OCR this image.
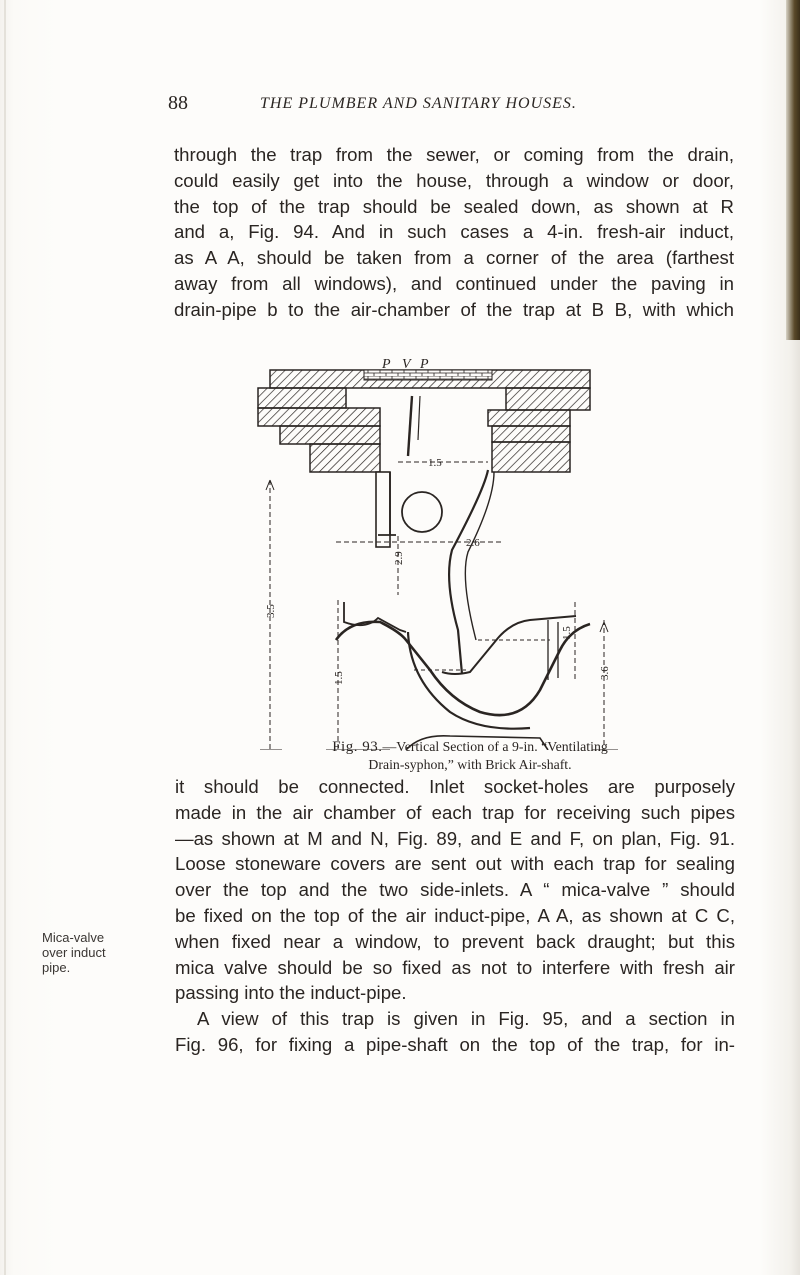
88	THE PLUMBER AND SANITARY HOUSES.

through the trap from the sewer, or coming from the drain,
could easily get into the house, through a window or door,
the top of the trap should be sealed down, as shown at R
and a, Fig. 94. And in such cases a 4-in. fresh-air induct,
as A A, should be taken from a corner of the area (farthest
away from all windows), and continued under the paving in
drain-pipe b to the air-chamber of the trap at B B, with which

P V P
1.5
2.6
3.5
1.5
2.9
1.5
3.6
Fig. 93.—Vertical Section of a 9-in. “Ventilating
Drain-syphon,” with Brick Air-shaft.
Mica-valve
over induct
pipe.

it should be connected. Inlet socket-holes are purposely
made in the air chamber of each trap for receiving such pipes
—as shown at M and N, Fig. 89, and E and F, on plan, Fig. 91.
Loose stoneware covers are sent out with each trap for sealing
over the top and the two side-inlets. A “ mica-valve ” should
be fixed on the top of the air induct-pipe, A A, as shown at C C,
when fixed near a window, to prevent back draught; but this
mica valve should be so fixed as not to interfere with fresh air
passing into the induct-pipe.
A view of this trap is given in Fig. 95, and a section in
Fig. 96, for fixing a pipe-shaft on the top of the trap, for in-
